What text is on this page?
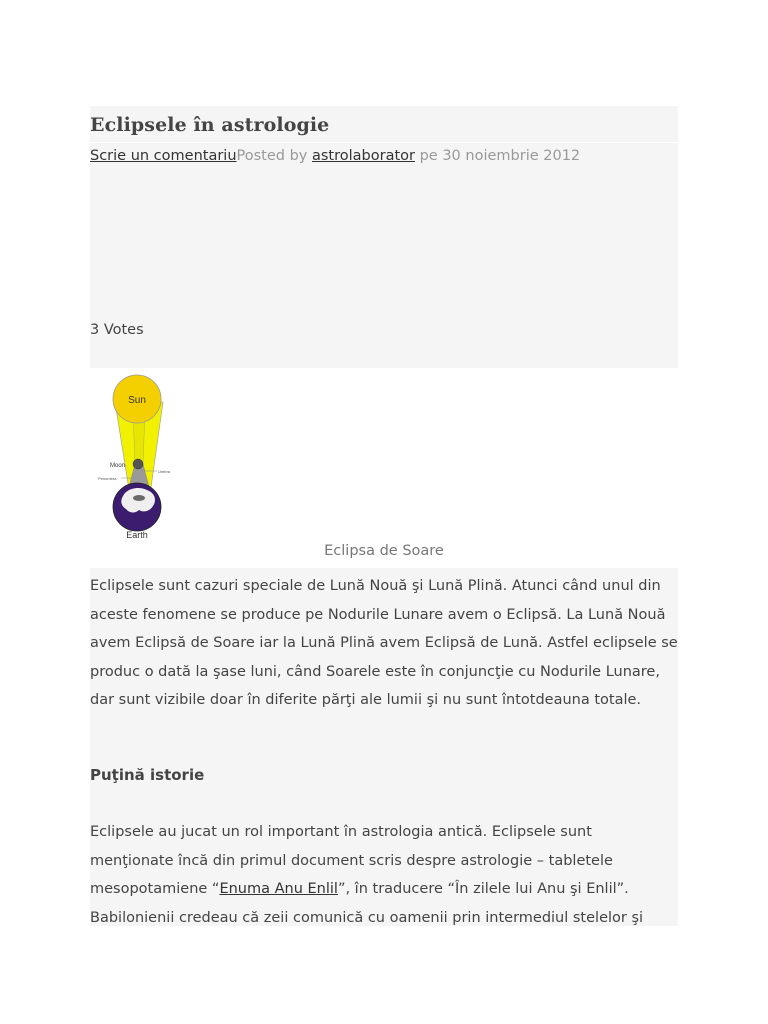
Eclipsele în astrologie
Scrie un comentariuPosted by astrolaborator pe 30 noiembrie 2012
3 Votes
Sun
Moon
Umbra
Penumbra
Earth
Eclipsa de Soare

Eclipsele sunt cazuri speciale de Lună Nouă şi Lună Plină. Atunci când unul din aceste fenomene se produce pe Nodurile Lunare avem o Eclipsă. La Lună Nouă avem Eclipsă de Soare iar la Lună Plină avem Eclipsă de Lună. Astfel eclipsele se produc o dată la şase luni, când Soarele este în conjuncţie cu Nodurile Lunare, dar sunt vizibile doar în diferite părţi ale lumii şi nu sunt întotdeauna totale.

Puţină istorie

Eclipsele au jucat un rol important în astrologia antică. Eclipsele sunt menţionate încă din primul document scris despre astrologie – tabletele mesopotamiene “Enuma Anu Enlil”, în traducere “În zilele lui Anu şi Enlil”. Babilonienii credeau că zeii comunică cu oamenii prin intermediul stelelor şi
